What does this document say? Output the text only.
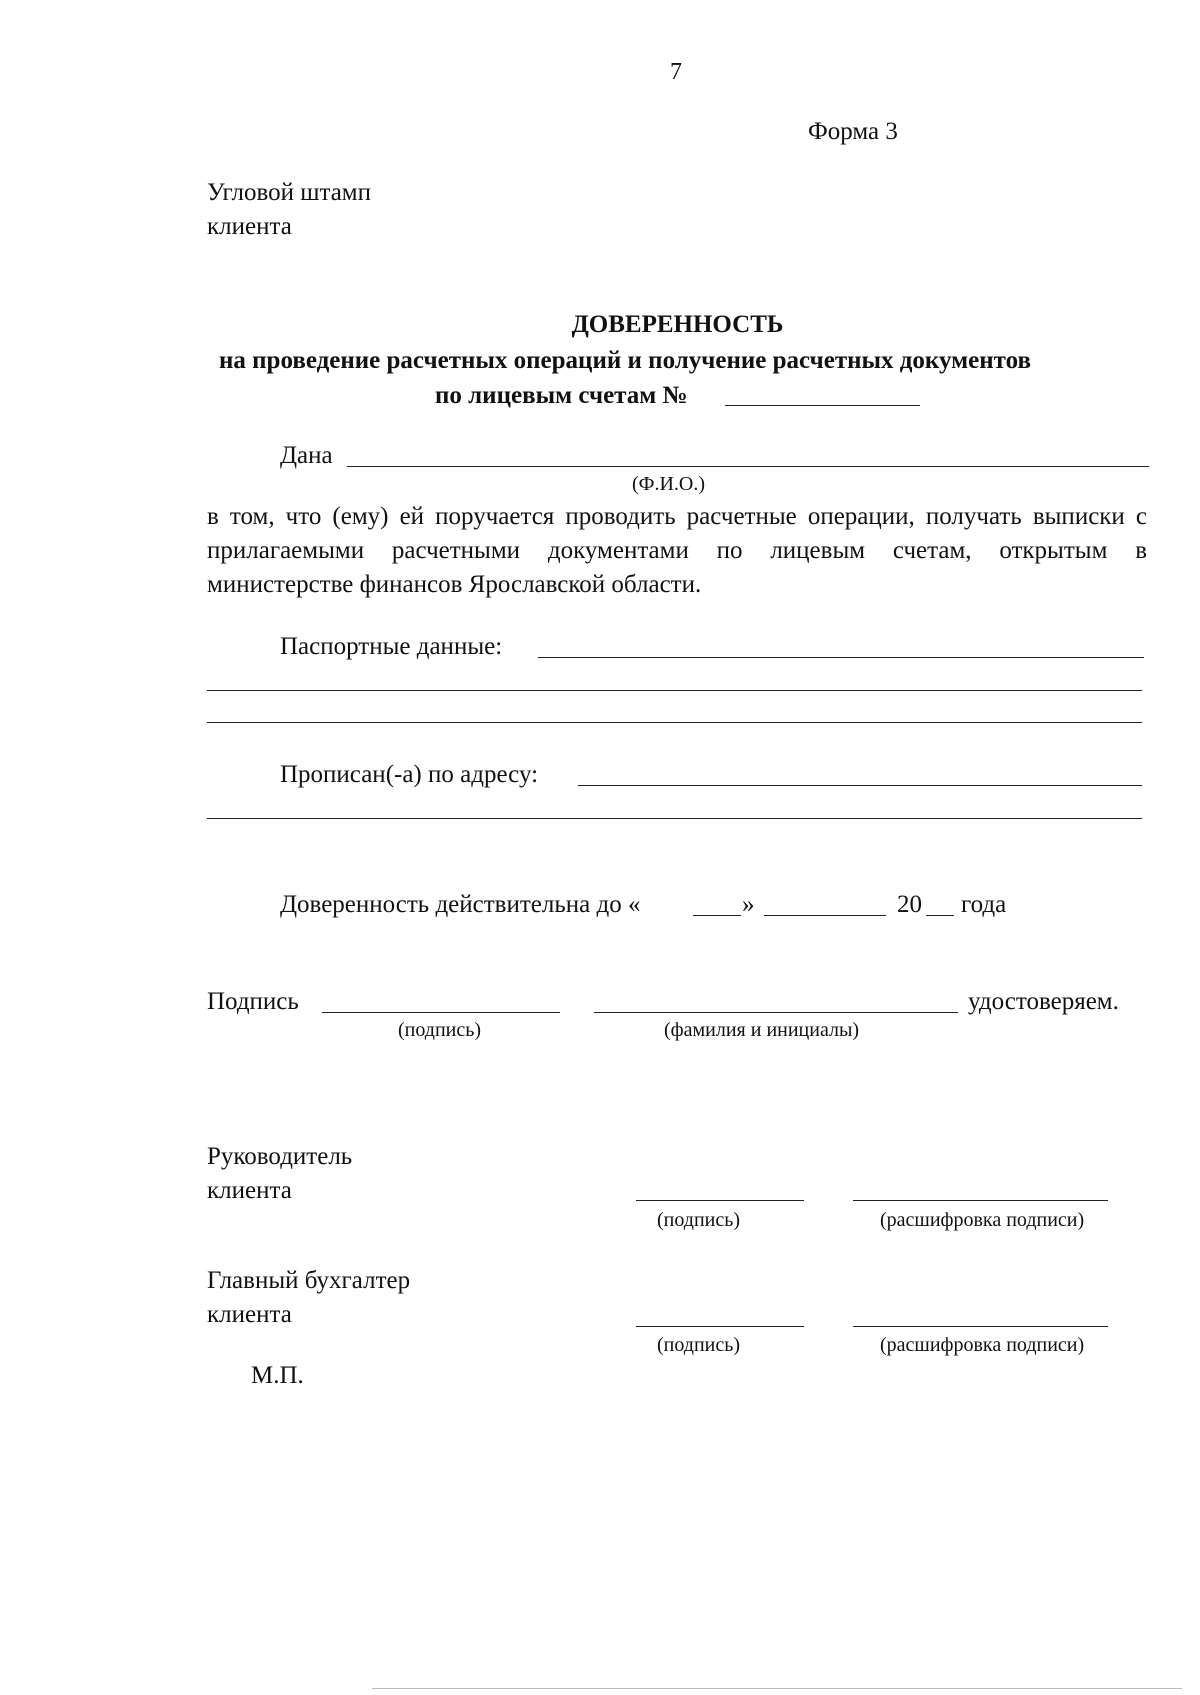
7
Форма 3
Угловой штамп
клиента
ДОВЕРЕННОСТЬ
на проведение расчетных операций и получение расчетных документов
по лицевым счетам №
Дана
(Ф.И.О.)
в том, что (ему) ей поручается проводить расчетные операции, получать выписки с прилагаемыми расчетными документами по лицевым счетам, открытым в министерстве финансов Ярославской области.
Паспортные данные:
Прописан(-а) по адресу:
Доверенность действительна до «	»	20 года
Подпись	удостоверяем.
(подпись)	(фамилия и инициалы)
Руководитель
клиента
(подпись)	(расшифровка подписи)
Главный бухгалтер
клиента
(подпись)	(расшифровка подписи)
М.П.
